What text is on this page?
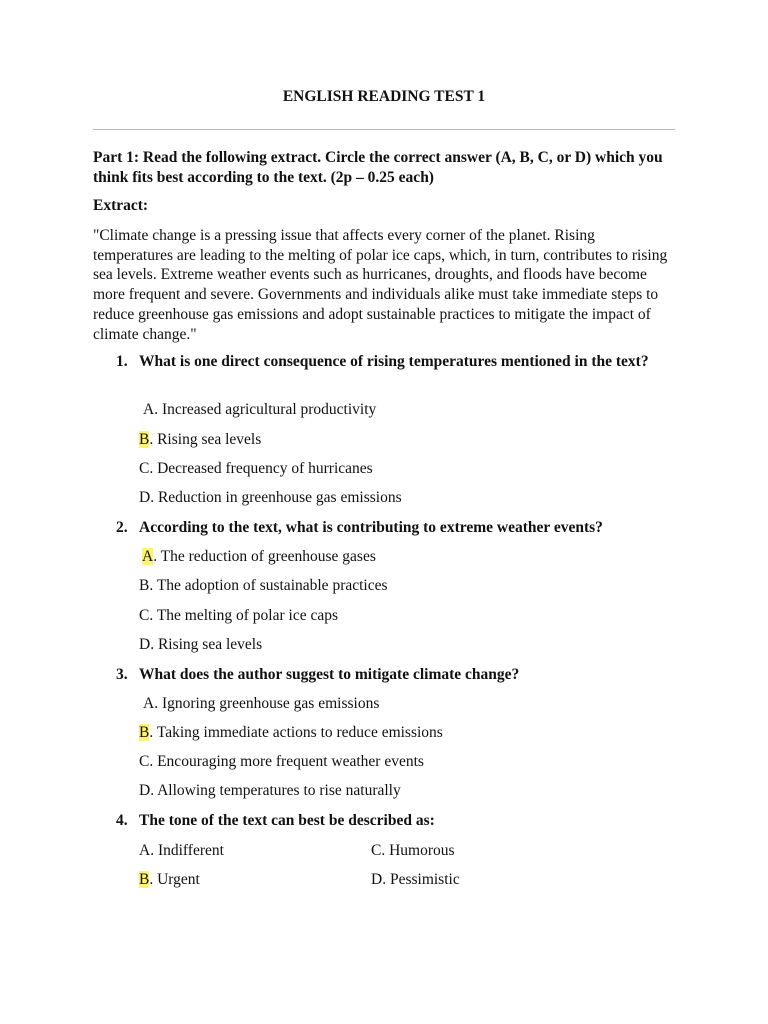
ENGLISH READING TEST 1
Part 1: Read the following extract. Circle the correct answer (A, B, C, or D) which you think fits best according to the text. (2p – 0.25 each)
Extract:
"Climate change is a pressing issue that affects every corner of the planet. Rising temperatures are leading to the melting of polar ice caps, which, in turn, contributes to rising sea levels. Extreme weather events such as hurricanes, droughts, and floods have become more frequent and severe. Governments and individuals alike must take immediate steps to reduce greenhouse gas emissions and adopt sustainable practices to mitigate the impact of climate change."
1. What is one direct consequence of rising temperatures mentioned in the text?
A. Increased agricultural productivity
B. Rising sea levels
C. Decreased frequency of hurricanes
D. Reduction in greenhouse gas emissions
2. According to the text, what is contributing to extreme weather events?
A. The reduction of greenhouse gases
B. The adoption of sustainable practices
C. The melting of polar ice caps
D. Rising sea levels
3. What does the author suggest to mitigate climate change?
A. Ignoring greenhouse gas emissions
B. Taking immediate actions to reduce emissions
C. Encouraging more frequent weather events
D. Allowing temperatures to rise naturally
4. The tone of the text can best be described as:
A. Indifferent	C. Humorous
B. Urgent	D. Pessimistic
